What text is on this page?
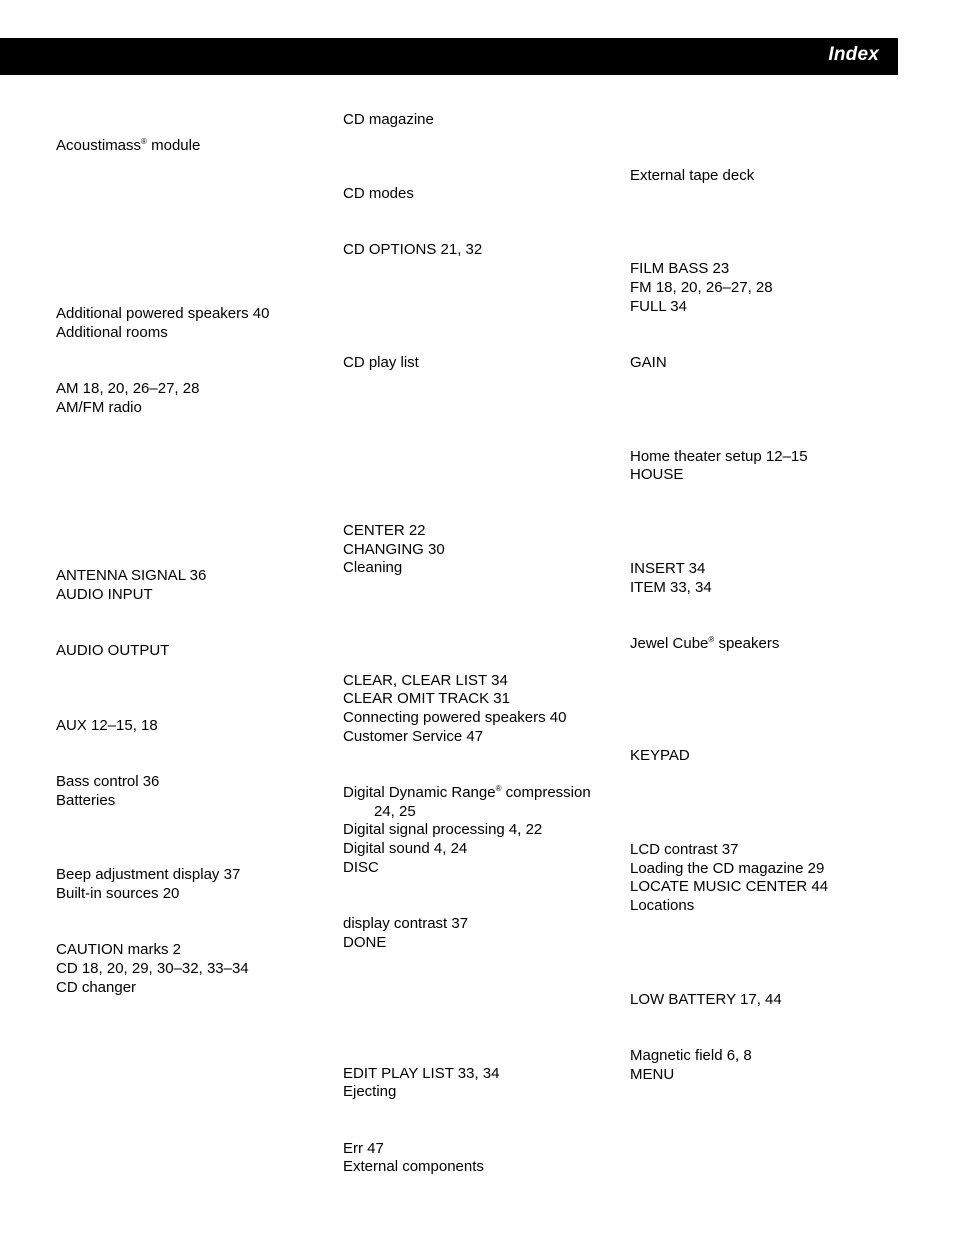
Index
Acoustimass® module
Additional powered speakers 40
Additional rooms
AM 18, 20, 26–27, 28
AM/FM radio
ANTENNA SIGNAL 36
AUDIO INPUT
AUDIO OUTPUT
AUX 12–15, 18
Bass control 36
Batteries
Beep adjustment display 37
Built-in sources 20
CAUTION marks 2
CD 18, 20, 29, 30–32, 33–34
CD changer
CD magazine
CD modes
CD OPTIONS 21, 32
CD play list
CENTER 22
CHANGING 30
Cleaning
CLEAR, CLEAR LIST 34
CLEAR OMIT TRACK 31
Connecting powered speakers 40
Customer Service 47
Digital Dynamic Range® compression
24, 25
Digital signal processing 4, 22
Digital sound 4, 24
DISC
display contrast 37
DONE
EDIT PLAY LIST 33, 34
Ejecting
Err 47
External components
External tape deck
FILM BASS 23
FM 18, 20, 26–27, 28
FULL 34
GAIN
Home theater setup 12–15
HOUSE
INSERT 34
ITEM 33, 34
Jewel Cube® speakers
KEYPAD
LCD contrast 37
Loading the CD magazine 29
LOCATE MUSIC CENTER 44
Locations
LOW BATTERY 17, 44
Magnetic field 6, 8
MENU
